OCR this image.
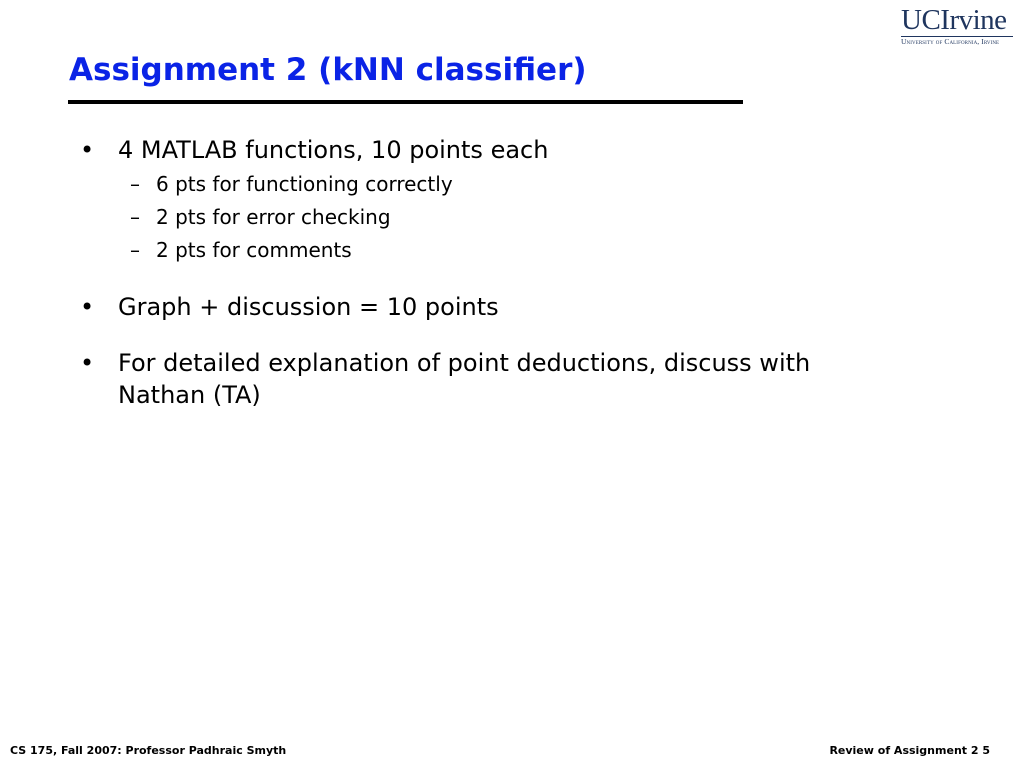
Assignment 2 (kNN classifier)
UCIrvine
University of California, Irvine
• 4 MATLAB functions, 10 points each
– 6 pts for functioning correctly
– 2 pts for error checking
– 2 pts for comments
• Graph + discussion = 10 points
• For detailed explanation of point deductions, discuss with Nathan (TA)
CS 175, Fall 2007: Professor Padhraic Smyth	Review of Assignment 2 5
